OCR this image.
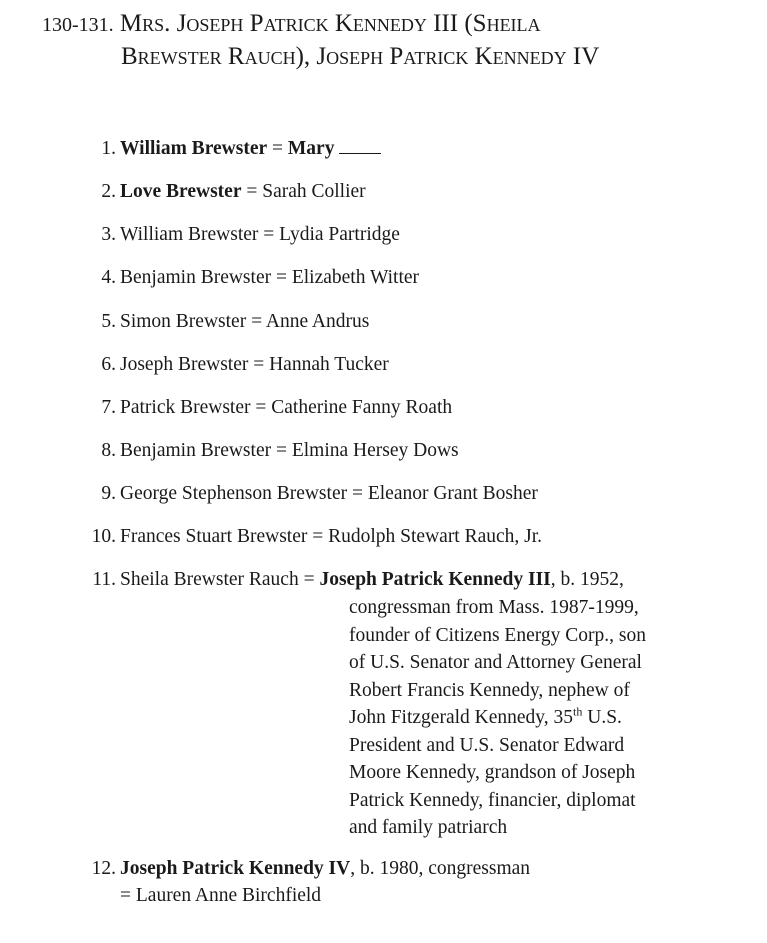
130-131. Mrs. Joseph Patrick Kennedy III (Sheila
Brewster Rauch), Joseph Patrick Kennedy IV
1. William Brewster = Mary
2. Love Brewster = Sarah Collier
3. William Brewster = Lydia Partridge
4. Benjamin Brewster = Elizabeth Witter
5. Simon Brewster = Anne Andrus
6. Joseph Brewster = Hannah Tucker
7. Patrick Brewster = Catherine Fanny Roath
8. Benjamin Brewster = Elmina Hersey Dows
9. George Stephenson Brewster = Eleanor Grant Bosher
10. Frances Stuart Brewster = Rudolph Stewart Rauch, Jr.
11. Sheila Brewster Rauch = Joseph Patrick Kennedy III, b. 1952,
congressman from Mass. 1987-1999,
founder of Citizens Energy Corp., son
of U.S. Senator and Attorney General
Robert Francis Kennedy, nephew of
John Fitzgerald Kennedy, 35th U.S.
President and U.S. Senator Edward
Moore Kennedy, grandson of Joseph
Patrick Kennedy, financier, diplomat
and family patriarch
12. Joseph Patrick Kennedy IV, b. 1980, congressman
= Lauren Anne Birchfield
